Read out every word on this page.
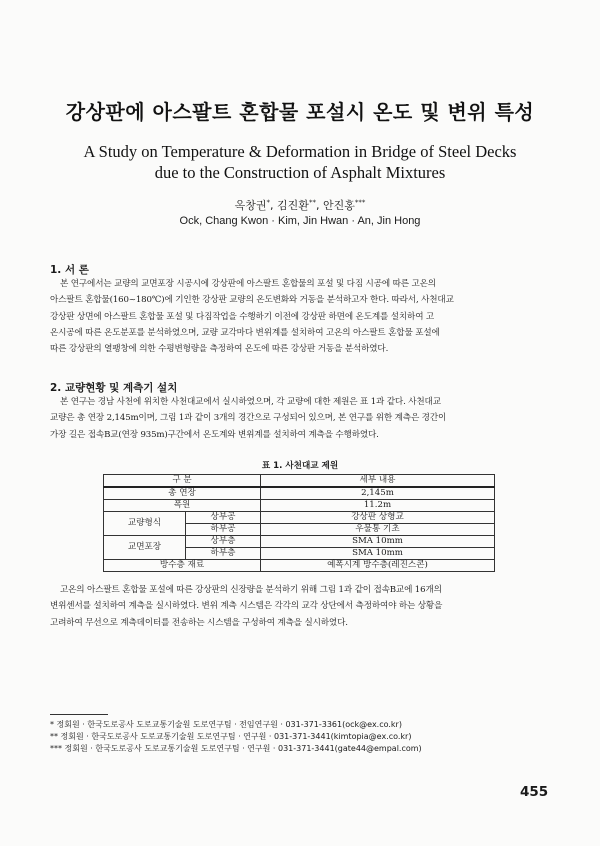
강상판에 아스팔트 혼합물 포설시 온도 및 변위 특성
A Study on Temperature & Deformation in Bridge of Steel Decks
due to the Construction of Asphalt Mixtures
옥창권*, 김진환**, 안진홍***
Ock, Chang Kwon · Kim, Jin Hwan · An, Jin Hong
1. 서 론
본 연구에서는 교량의 교면포장 시공시에 강상판에 아스팔트 혼합물의 포설 및 다짐 시공에 따른 고온의
아스팔트 혼합물(160~180℃)에 기인한 강상판 교량의 온도변화와 거동을 분석하고자 한다. 따라서, 사천대교
강상판 상면에 아스팔트 혼합물 포설 및 다짐작업을 수행하기 이전에 강상판 하면에 온도계를 설치하여 고
온시공에 따른 온도분포를 분석하였으며, 교량 교각마다 변위계를 설치하여 고온의 아스팔트 혼합물 포설에
따른 강상판의 열팽창에 의한 수평변형량을 측정하여 온도에 따른 강상판 거동을 분석하였다.
2. 교량현황 및 계측기 설치
본 연구는 경남 사천에 위치한 사천대교에서 실시하였으며, 각 교량에 대한 제원은 표 1과 같다. 사천대교
교량은 총 연장 2,145m이며, 그림 1과 같이 3개의 경간으로 구성되어 있으며, 본 연구를 위한 계측은 경간이
가장 길은 접속B교(연장 935m)구간에서 온도계와 변위계를 설치하여 계측을 수행하였다.
표 1. 사천대교 제원
구 분		세부 내용
총 연장		2,145m
폭원		11.2m
교량형식	상부공	강상판 상형교
	하부공	우물통 기초
교면포장	상부층	SMA 10mm
	하부층	SMA 10mm
방수층 재료		예폭시계 방수층(레진스콘)
고온의 아스팔트 혼합물 포설에 따른 강상판의 신장량을 분석하기 위해 그림 1과 같이 접속B교에 16개의
변위센서를 설치하여 계측을 실시하였다. 변위 계측 시스템은 각각의 교각 상단에서 측정하여야 하는 상황을
고려하여 무선으로 계측데이터를 전송하는 시스템을 구성하여 계측을 실시하였다.
* 정회원 · 한국도로공사 도로교통기술원 도로연구팀 · 전임연구원 · 031-371-3361(ock@ex.co.kr)
** 정회원 · 한국도로공사 도로교통기술원 도로연구팀 · 연구원 · 031-371-3441(kimtopia@ex.co.kr)
*** 정회원 · 한국도로공사 도로교통기술원 도로연구팀 · 연구원 · 031-371-3441(gate44@empal.com)
455
